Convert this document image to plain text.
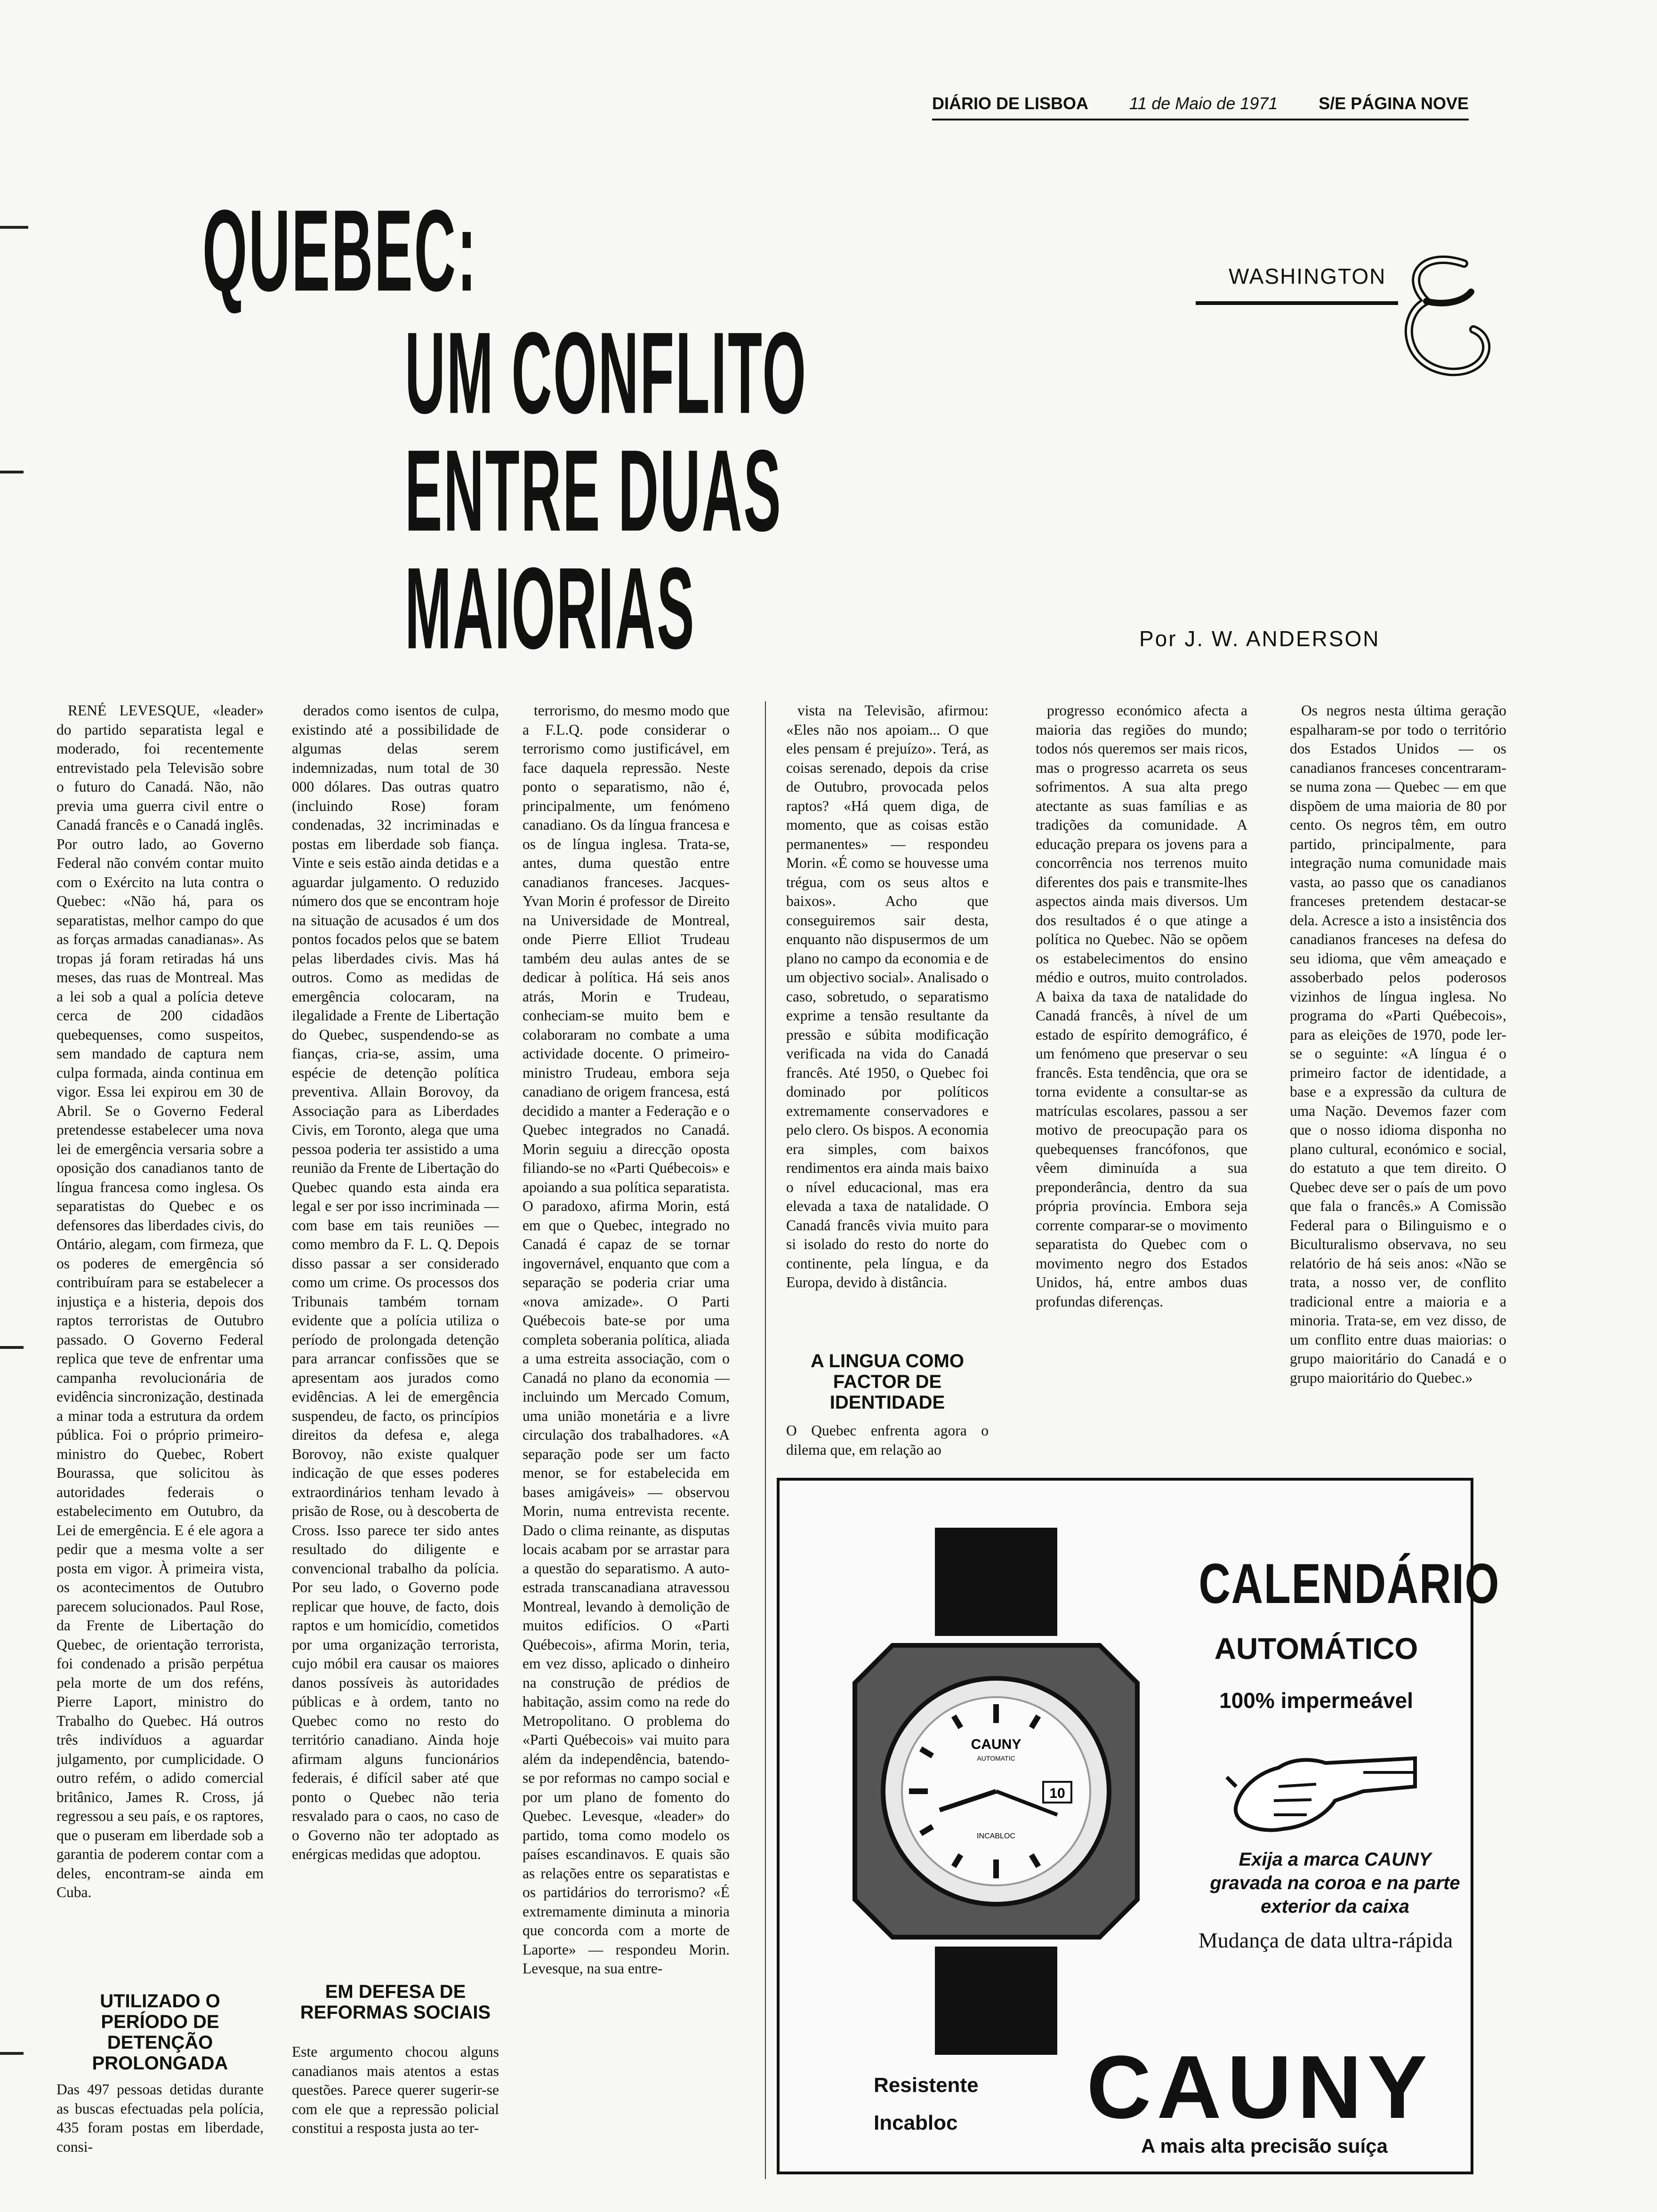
DIÁRIO DE LISBOA 11 de Maio de 1971 S/E PÁGINA NOVE
QUEBEC:
UM CONFLITO
ENTRE DUAS
MAIORIAS
WASHINGTON
Por J. W. ANDERSON

RENÉ LEVESQUE, «leader» do partido separatista legal e moderado, foi recentemente entrevistado pela Televisão sobre o futuro do Canadá. Não, não previa uma guerra civil entre o Canadá francês e o Canadá inglês. Por outro lado, ao Governo Federal não convém contar muito com o Exército na luta contra o Quebec: «Não há, para os separatistas, melhor campo do que as forças armadas canadianas». As tropas já foram retiradas há uns meses, das ruas de Montreal. Mas a lei sob a qual a polícia deteve cerca de 200 cidadãos quebequenses, como suspeitos, sem mandado de captura nem culpa formada, ainda continua em vigor. Essa lei expirou em 30 de Abril. Se o Governo Federal pretendesse estabelecer uma nova lei de emergência versaria sobre a oposição dos canadianos tanto de língua francesa como inglesa. Os separatistas do Quebec e os defensores das liberdades civis, do Ontário, alegam, com firmeza, que os poderes de emergência só contribuíram para se estabelecer a injustiça e a histeria, depois dos raptos terroristas de Outubro passado. O Governo Federal replica que teve de enfrentar uma campanha revolucionária de evidência sincronização, destinada a minar toda a estrutura da ordem pública. Foi o próprio primeiro-ministro do Quebec, Robert Bourassa, que solicitou às autoridades federais o estabelecimento em Outubro, da Lei de emergência. E é ele agora a pedir que a mesma volte a ser posta em vigor. À primeira vista, os acontecimentos de Outubro parecem solucionados. Paul Rose, da Frente de Libertação do Quebec, de orientação terrorista, foi condenado a prisão perpétua pela morte de um dos reféns, Pierre Laport, ministro do Trabalho do Quebec. Há outros três indivíduos a aguardar julgamento, por cumplicidade. O outro refém, o adido comercial britânico, James R. Cross, já regressou a seu país, e os raptores, que o puseram em liberdade sob a garantia de poderem contar com a deles, encontram-se ainda em Cuba.

derados como isentos de culpa, existindo até a possibilidade de algumas delas serem indemnizadas, num total de 30 000 dólares. Das outras quatro (incluindo Rose) foram condenadas, 32 incriminadas e postas em liberdade sob fiança. Vinte e seis estão ainda detidas e a aguardar julgamento. O reduzido número dos que se encontram hoje na situação de acusados é um dos pontos focados pelos que se batem pelas liberdades civis. Mas há outros. Como as medidas de emergência colocaram, na ilegalidade a Frente de Libertação do Quebec, suspendendo-se as fianças, cria-se, assim, uma espécie de detenção política preventiva. Allain Borovoy, da Associação para as Liberdades Civis, em Toronto, alega que uma pessoa poderia ter assistido a uma reunião da Frente de Libertação do Quebec quando esta ainda era legal e ser por isso incriminada — com base em tais reuniões — como membro da F. L. Q. Depois disso passar a ser considerado como um crime. Os processos dos Tribunais também tornam evidente que a polícia utiliza o período de prolongada detenção para arrancar confissões que se apresentam aos jurados como evidências. A lei de emergência suspendeu, de facto, os princípios direitos da defesa e, alega Borovoy, não existe qualquer indicação de que esses poderes extraordinários tenham levado à prisão de Rose, ou à descoberta de Cross. Isso parece ter sido antes resultado do diligente e convencional trabalho da polícia. Por seu lado, o Governo pode replicar que houve, de facto, dois raptos e um homicídio, cometidos por uma organização terrorista, cujo móbil era causar os maiores danos possíveis às autoridades públicas e à ordem, tanto no Quebec como no resto do território canadiano. Ainda hoje afirmam alguns funcionários federais, é difícil saber até que ponto o Quebec não teria resvalado para o caos, no caso de o Governo não ter adoptado as enérgicas medidas que adoptou.

terrorismo, do mesmo modo que a F.L.Q. pode considerar o terrorismo como justificável, em face daquela repressão. Neste ponto o separatismo, não é, principalmente, um fenómeno canadiano. Os da língua francesa e os de língua inglesa. Trata-se, antes, duma questão entre canadianos franceses. Jacques-Yvan Morin é professor de Direito na Universidade de Montreal, onde Pierre Elliot Trudeau também deu aulas antes de se dedicar à política. Há seis anos atrás, Morin e Trudeau, conheciam-se muito bem e colaboraram no combate a uma actividade docente. O primeiro-ministro Trudeau, embora seja canadiano de origem francesa, está decidido a manter a Federação e o Quebec integrados no Canadá. Morin seguiu a direcção oposta filiando-se no «Parti Québecois» e apoiando a sua política separatista. O paradoxo, afirma Morin, está em que o Quebec, integrado no Canadá é capaz de se tornar ingovernável, enquanto que com a separação se poderia criar uma «nova amizade». O Parti Québecois bate-se por uma completa soberania política, aliada a uma estreita associação, com o Canadá no plano da economia — incluindo um Mercado Comum, uma união monetária e a livre circulação dos trabalhadores. «A separação pode ser um facto menor, se for estabelecida em bases amigáveis» — observou Morin, numa entrevista recente. Dado o clima reinante, as disputas locais acabam por se arrastar para a questão do separatismo. A auto-estrada transcanadiana atravessou Montreal, levando à demolição de muitos edifícios. O «Parti Québecois», afirma Morin, teria, em vez disso, aplicado o dinheiro na construção de prédios de habitação, assim como na rede do Metropolitano. O problema do «Parti Québecois» vai muito para além da independência, batendo-se por reformas no campo social e por um plano de fomento do Quebec. Levesque, «leader» do partido, toma como modelo os países escandinavos. E quais são as relações entre os separatistas e os partidários do terrorismo? «É extremamente diminuta a minoria que concorda com a morte de Laporte» — respondeu Morin. Levesque, na sua entre-

vista na Televisão, afirmou: «Eles não nos apoiam... O que eles pensam é prejuízo». Terá, as coisas serenado, depois da crise de Outubro, provocada pelos raptos? «Há quem diga, de momento, que as coisas estão permanentes» — respondeu Morin. «É como se houvesse uma trégua, com os seus altos e baixos». Acho que conseguiremos sair desta, enquanto não dispusermos de um plano no campo da economia e de um objectivo social». Analisado o caso, sobretudo, o separatismo exprime a tensão resultante da pressão e súbita modificação verificada na vida do Canadá francês. Até 1950, o Quebec foi dominado por políticos extremamente conservadores e pelo clero. Os bispos. A economia era simples, com baixos rendimentos era ainda mais baixo o nível educacional, mas era elevada a taxa de natalidade. O Canadá francês vivia muito para si isolado do resto do norte do continente, pela língua, e da Europa, devido à distância.

progresso económico afecta a maioria das regiões do mundo; todos nós queremos ser mais ricos, mas o progresso acarreta os seus sofrimentos. A sua alta prego atectante as suas famílias e as tradições da comunidade. A educação prepara os jovens para a concorrência nos terrenos muito diferentes dos pais e transmite-lhes aspectos ainda mais diversos. Um dos resultados é o que atinge a política no Quebec. Não se opõem os estabelecimentos do ensino médio e outros, muito controlados. A baixa da taxa de natalidade do Canadá francês, à nível de um estado de espírito demográfico, é um fenómeno que preservar o seu francês. Esta tendência, que ora se torna evidente a consultar-se as matrículas escolares, passou a ser motivo de preocupação para os quebequenses francófonos, que vêem diminuída a sua preponderância, dentro da sua própria província. Embora seja corrente comparar-se o movimento separatista do Quebec com o movimento negro dos Estados Unidos, há, entre ambos duas profundas diferenças.

Os negros nesta última geração espalharam-se por todo o território dos Estados Unidos — os canadianos franceses concentraram-se numa zona — Quebec — em que dispõem de uma maioria de 80 por cento. Os negros têm, em outro partido, principalmente, para integração numa comunidade mais vasta, ao passo que os canadianos franceses pretendem destacar-se dela. Acresce a isto a insistência dos canadianos franceses na defesa do seu idioma, que vêm ameaçado e assoberbado pelos poderosos vizinhos de língua inglesa. No programa do «Parti Québecois», para as eleições de 1970, pode ler-se o seguinte: «A língua é o primeiro factor de identidade, a base e a expressão da cultura de uma Nação. Devemos fazer com que o nosso idioma disponha no plano cultural, económico e social, do estatuto a que tem direito. O Quebec deve ser o país de um povo que fala o francês.» A Comissão Federal para o Bilinguismo e o Biculturalismo observava, no seu relatório de há seis anos: «Não se trata, a nosso ver, de conflito tradicional entre a maioria e a minoria. Trata-se, em vez disso, de um conflito entre duas maiorias: o grupo maioritário do Canadá e o grupo maioritário do Quebec.»

UTILIZADO O PERÍODO DE DETENÇÃO PROLONGADA
Das 497 pessoas detidas durante as buscas efectuadas pela polícia, 435 foram postas em liberdade, consi-
EM DEFESA DE REFORMAS SOCIAIS
Este argumento chocou alguns canadianos mais atentos a estas questões. Parece querer sugerir-se com ele que a repressão policial constitui a resposta justa ao ter-
A LINGUA COMO FACTOR DE IDENTIDADE
O Quebec enfrenta agora o dilema que, em relação ao
10
CAUNY
AUTOMATIC
INCABLOC
CALENDÁRIO
AUTOMÁTICO
100% impermeável
Exija a marca CAUNY gravada na coroa e na parte exterior da caixa
Mudança de data ultra-rápida
Resistente
Incabloc CAUNY
A mais alta precisão suíça
